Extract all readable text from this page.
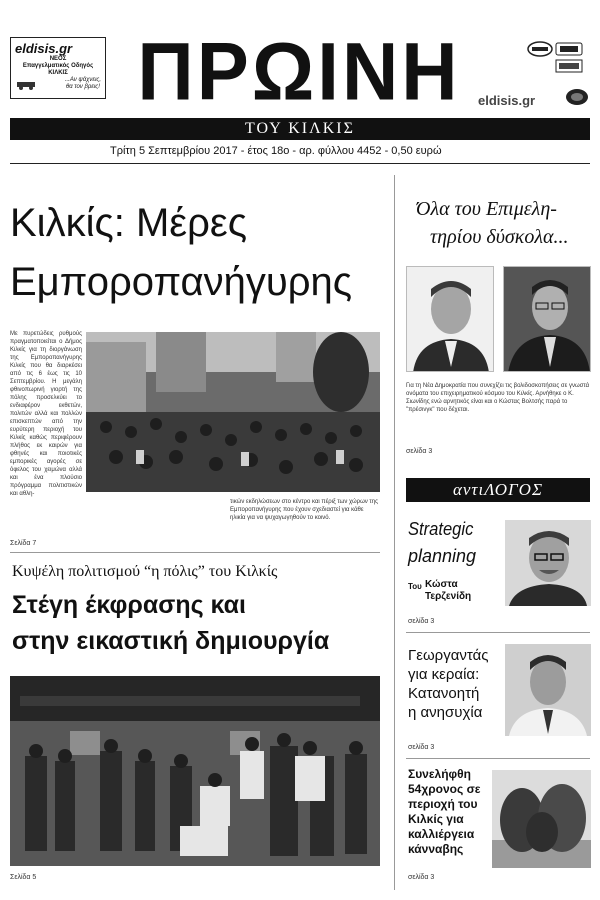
eldisis.gr
ΝΕΟΣ
Επαγγελματικός Οδηγός
ΚΙΛΚΙΣ
...Αν ψάχνεις,
θα τον βρεις! ΠΡΩΙΝΗ	eldisis.gr
ΤΟΥ ΚΙΛΚΙΣ
Τρίτη 5 Σεπτεμβρίου 2017 - έτος 18ο - αρ. φύλλου 4452 - 0,50 ευρώ
Κιλκίς: Μέρες
Εμποροπανήγυρης
Με πυρετώδεις ρυθμούς πραγματοποιείται ο Δήμος Κιλκίς για τη διοργάνωση της Εμποροπανήγυρης Κιλκίς που θα διαρκέσει από τις 6 έως τις 10 Σεπτεμβρίου. Η μεγάλη φθινοπωρινή γιορτή της πόλης προσελκύει το ενδιαφέρον εκθετών, πολιτών αλλά και πολλών επισκεπτών από την ευρύτερη περιοχή του Κιλκίς καθώς περιφέρουν πλήθος εκ καιρών για φθηνές και ποιοτικές εμπορικές αγορές σε όφελος του χειμώνα αλλά και ένα πλούσιο πρόγραμμα πολιτιστικών και αθλη-
τικών εκδηλώσεων στο κέντρο και πέριξ των χώρων της Εμποροπανήγυρης που έχουν σχεδιαστεί για κάθε ηλικία για να ψυχαγωγηθούν το κοινό.
Σελίδα 7
Κυψέλη πολιτισμού “η πόλις” του Κιλκίς
Στέγη έκφρασης και
στην εικαστική δημιουργία
Σελίδα 5
Όλα του Επιμελη-
τηρίου δύσκολα...
Για τη Νέα Δημοκρατία που συνεχίζει τις βολιδοσκοπήσεις σε γνωστά ονόματα του επιχειρηματικού κόσμου του Κιλκίς. Αρνήθηκε ο Κ. Σιωνίδης ενώ αρνητικός είναι και ο Κώστας Βολτσής παρά το "πρέσινγκ" που δέχεται.
σελίδα 3
αντιΛΟΓΟΣ
Strategic
planning
Του Κώστα Τερζενίδη
σελίδα 3
Γεωργαντάς
για κεραία:
Κατανοητή
η ανησυχία
σελίδα 3
Συνελήφθη
54χρονος σε
περιοχή του
Κιλκίς για
καλλιέργεια
κάνναβης
σελίδα 3
